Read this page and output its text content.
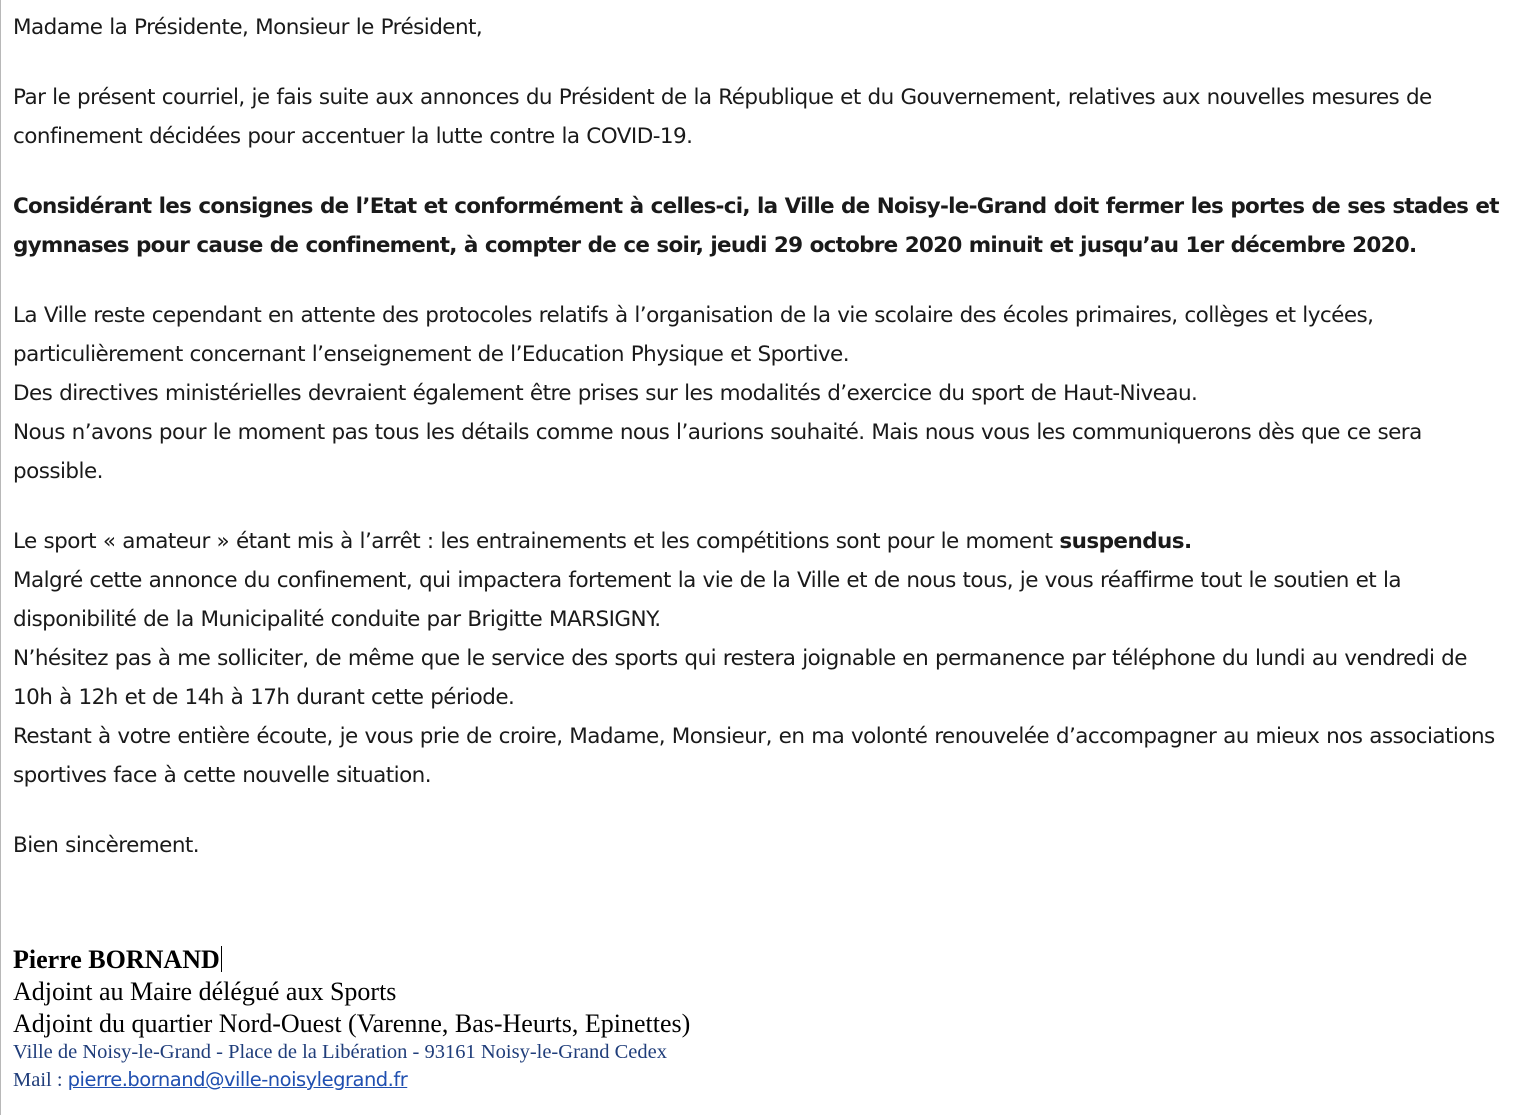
Madame la Présidente, Monsieur le Président,

Par le présent courriel, je fais suite aux annonces du Président de la République et du Gouvernement, relatives aux nouvelles mesures de confinement décidées pour accentuer la lutte contre la COVID-19.

Considérant les consignes de l’Etat et conformément à celles-ci, la Ville de Noisy-le-Grand doit fermer les portes de ses stades et gymnases pour cause de confinement, à compter de ce soir, jeudi 29 octobre 2020 minuit et jusqu’au 1er décembre 2020.

La Ville reste cependant en attente des protocoles relatifs à l’organisation de la vie scolaire des écoles primaires, collèges et lycées, particulièrement concernant l’enseignement de l’Education Physique et Sportive.

Des directives ministérielles devraient également être prises sur les modalités d’exercice du sport de Haut-Niveau.

Nous n’avons pour le moment pas tous les détails comme nous l’aurions souhaité. Mais nous vous les communiquerons dès que ce sera possible.

Le sport « amateur » étant mis à l’arrêt : les entrainements et les compétitions sont pour le moment suspendus.

Malgré cette annonce du confinement, qui impactera fortement la vie de la Ville et de nous tous, je vous réaffirme tout le soutien et la disponibilité de la Municipalité conduite par Brigitte MARSIGNY.

N’hésitez pas à me solliciter, de même que le service des sports qui restera joignable en permanence par téléphone du lundi au vendredi de 10h à 12h et de 14h à 17h durant cette période.

Restant à votre entière écoute, je vous prie de croire, Madame, Monsieur, en ma volonté renouvelée d’accompagner au mieux nos associations sportives face à cette nouvelle situation.

Bien sincèrement.

Pierre BORNAND
Adjoint au Maire délégué aux Sports
Adjoint du quartier Nord-Ouest (Varenne, Bas-Heurts, Epinettes)
Ville de Noisy-le-Grand - Place de la Libération - 93161 Noisy-le-Grand Cedex
Mail : pierre.bornand@ville-noisylegrand.fr
